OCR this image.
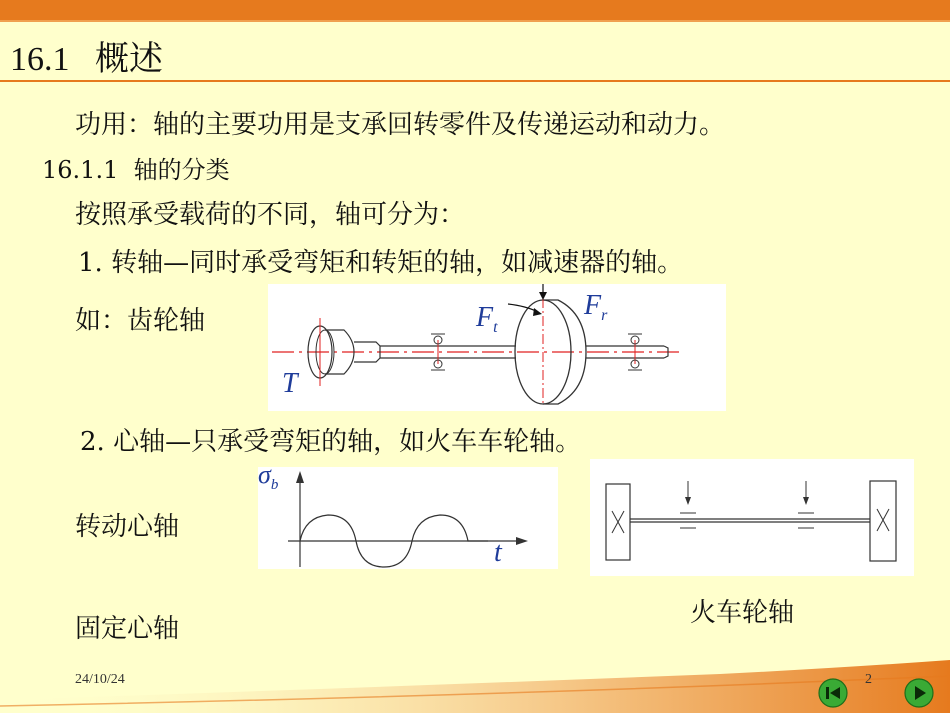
16.1   概述
功用：轴的主要功用是支承回转零件及传递运动和动力。
16.1.1  轴的分类
按照承受载荷的不同，轴可分为：
1. 转轴—同时承受弯矩和转矩的轴，如减速器的轴。
如：齿轮轴
T
$F_t$
$F_r$
2. 心轴—只承受弯矩的轴，如火车车轮轴。
转动心轴
固定心轴
$\sigma_b$
t
火车轮轴
24/10/24	2
